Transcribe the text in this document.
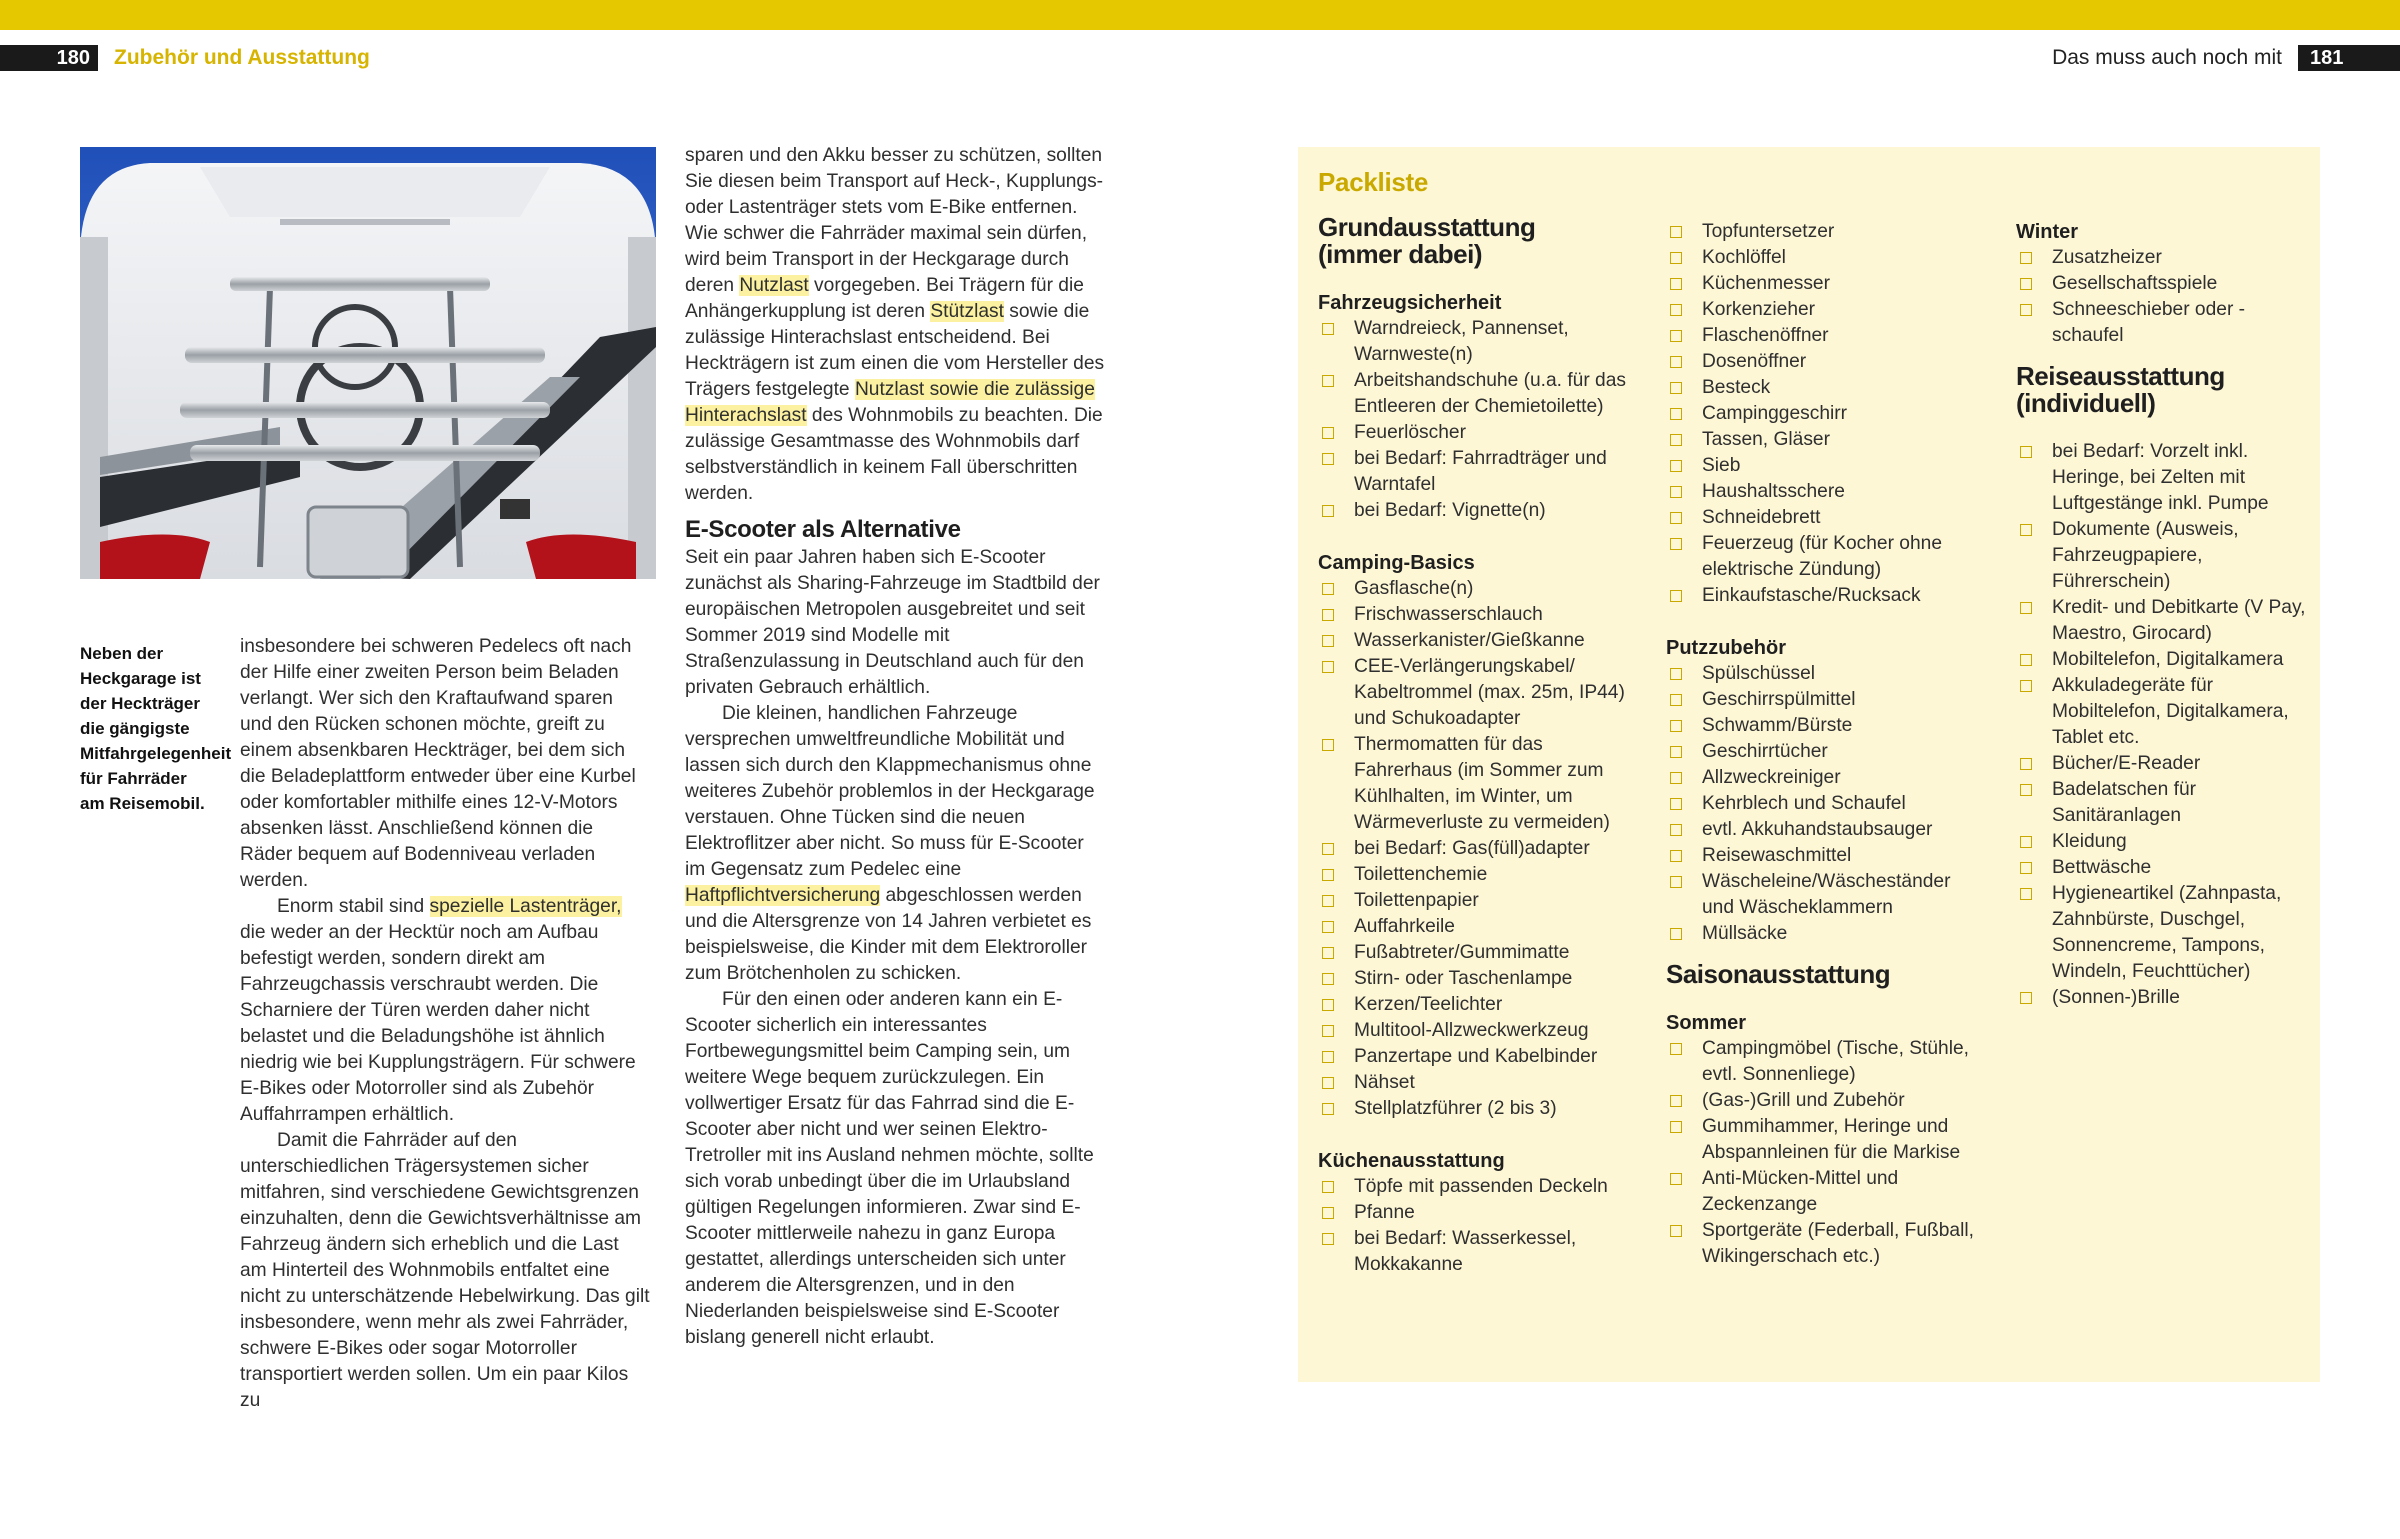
180	Zubehör und Ausstattung	Das muss auch noch mit	181
Neben der Heckgarage ist der Heckträger die gängigste Mitfahrgelegenheit für Fahrräder am Reisemobil.

insbesondere bei schweren Pedelecs oft nach der Hilfe einer zweiten Person beim Beladen verlangt. Wer sich den Kraftaufwand sparen und den Rücken schonen möchte, greift zu einem absenkbaren Heckträger, bei dem sich die Beladeplattform entweder über eine Kurbel oder komfortabler mithilfe eines 12-V-Motors absenken lässt. Anschließend können die Räder bequem auf Bodenniveau verladen werden.

Enorm stabil sind spezielle Lastenträger, die weder an der Hecktür noch am Aufbau befestigt werden, sondern direkt am Fahrzeugchassis verschraubt werden. Die Scharniere der Türen werden daher nicht belastet und die Beladungshöhe ist ähnlich niedrig wie bei Kupplungsträgern. Für schwere E-Bikes oder Motorroller sind als Zubehör Auffahrrampen erhältlich.

Damit die Fahrräder auf den unterschiedlichen Trägersystemen sicher mitfahren, sind verschiedene Gewichtsgrenzen einzuhalten, denn die Gewichtsverhältnisse am Fahrzeug ändern sich erheblich und die Last am Hinterteil des Wohnmobils entfaltet eine nicht zu unterschätzende Hebelwirkung. Das gilt insbesondere, wenn mehr als zwei Fahrräder, schwere E-Bikes oder sogar Motorroller transportiert werden sollen. Um ein paar Kilos zu

sparen und den Akku besser zu schützen, sollten Sie diesen beim Transport auf Heck-, Kupplungs- oder Lastenträger stets vom E-Bike entfernen. Wie schwer die Fahrräder maximal sein dürfen, wird beim Transport in der Heckgarage durch deren Nutzlast vorgegeben. Bei Trägern für die Anhängerkupplung ist deren Stützlast sowie die zulässige Hinterachslast entscheidend. Bei Heckträgern ist zum einen die vom Hersteller des Trägers festgelegte Nutzlast sowie die zulässige Hinterachslast des Wohnmobils zu beachten. Die zulässige Gesamtmasse des Wohnmobils darf selbstverständlich in keinem Fall überschritten werden.

E-Scooter als Alternative

Seit ein paar Jahren haben sich E-Scooter zunächst als Sharing-Fahrzeuge im Stadtbild der europäischen Metropolen ausgebreitet und seit Sommer 2019 sind Modelle mit Straßenzulassung in Deutschland auch für den privaten Gebrauch erhältlich.

Die kleinen, handlichen Fahrzeuge versprechen umweltfreundliche Mobilität und lassen sich durch den Klappmechanismus ohne weiteres Zubehör problemlos in der Heckgarage verstauen. Ohne Tücken sind die neuen Elektroflitzer aber nicht. So muss für E-Scooter im Gegensatz zum Pedelec eine Haftpflichtversicherung abgeschlossen werden und die Altersgrenze von 14 Jahren verbietet es beispielsweise, die Kinder mit dem Elektroroller zum Brötchenholen zu schicken.

Für den einen oder anderen kann ein E-Scooter sicherlich ein interessantes Fortbewegungsmittel beim Camping sein, um weitere Wege bequem zurückzulegen. Ein vollwertiger Ersatz für das Fahrrad sind die E-Scooter aber nicht und wer seinen Elektro-Tretroller mit ins Ausland nehmen möchte, sollte sich vorab unbedingt über die im Urlaubsland gültigen Regelungen informieren. Zwar sind E-Scooter mittlerweile nahezu in ganz Europa gestattet, allerdings unterscheiden sich unter anderem die Altersgrenzen, und in den Niederlanden beispielsweise sind E-Scooter bislang generell nicht erlaubt.

Packliste
Grundausstattung (immer dabei)
Fahrzeugsicherheit
Warndreieck, Pannenset, Warnweste(n)
Arbeitshandschuhe (u.a. für das Entleeren der Chemietoilette)
Feuerlöscher
bei Bedarf: Fahrradträger und Warntafel
bei Bedarf: Vignette(n)
Camping-Basics
Gasflasche(n)
Frischwasserschlauch
Wasserkanister/Gießkanne
CEE-Verlängerungskabel/ Kabeltrommel (max. 25m, IP44) und Schukoadapter
Thermomatten für das Fahrerhaus (im Sommer zum Kühlhalten, im Winter, um Wärmeverluste zu vermeiden)
bei Bedarf: Gas(füll)adapter
Toilettenchemie
Toilettenpapier
Auffahrkeile
Fußabtreter/Gummimatte
Stirn- oder Taschenlampe
Kerzen/Teelichter
Multitool-Allzweckwerkzeug
Panzertape und Kabelbinder
Nähset
Stellplatzführer (2 bis 3)
Küchenausstattung
Töpfe mit passenden Deckeln
Pfanne
bei Bedarf: Wasserkessel, Mokkakanne
Topfuntersetzer
Kochlöffel
Küchenmesser
Korkenzieher
Flaschenöffner
Dosenöffner
Besteck
Campinggeschirr
Tassen, Gläser
Sieb
Haushaltsschere
Schneidebrett
Feuerzeug (für Kocher ohne elektrische Zündung)
Einkaufstasche/Rucksack
Putzzubehör
Spülschüssel
Geschirrspülmittel
Schwamm/Bürste
Geschirrtücher
Allzweckreiniger
Kehrblech und Schaufel
evtl. Akkuhandstaubsauger
Reisewaschmittel
Wäscheleine/Wäscheständer und Wäscheklammern
Müllsäcke
Saisonausstattung
Sommer
Campingmöbel (Tische, Stühle, evtl. Sonnenliege)
(Gas-)Grill und Zubehör
Gummihammer, Heringe und Abspannleinen für die Markise
Anti-Mücken-Mittel und Zeckenzange
Sportgeräte (Federball, Fußball, Wikingerschach etc.)
Winter
Zusatzheizer
Gesellschaftsspiele
Schneeschieber oder -schaufel
Reiseausstattung (individuell)
bei Bedarf: Vorzelt inkl. Heringe, bei Zelten mit Luftgestänge inkl. Pumpe
Dokumente (Ausweis, Fahrzeugpapiere, Führerschein)
Kredit- und Debitkarte (V Pay, Maestro, Girocard)
Mobiltelefon, Digitalkamera
Akkuladegeräte für Mobiltelefon, Digitalkamera, Tablet etc.
Bücher/E-Reader
Badelatschen für Sanitäranlagen
Kleidung
Bettwäsche
Hygieneartikel (Zahnpasta, Zahnbürste, Duschgel, Sonnencreme, Tampons, Windeln, Feuchttücher)
(Sonnen-)Brille
